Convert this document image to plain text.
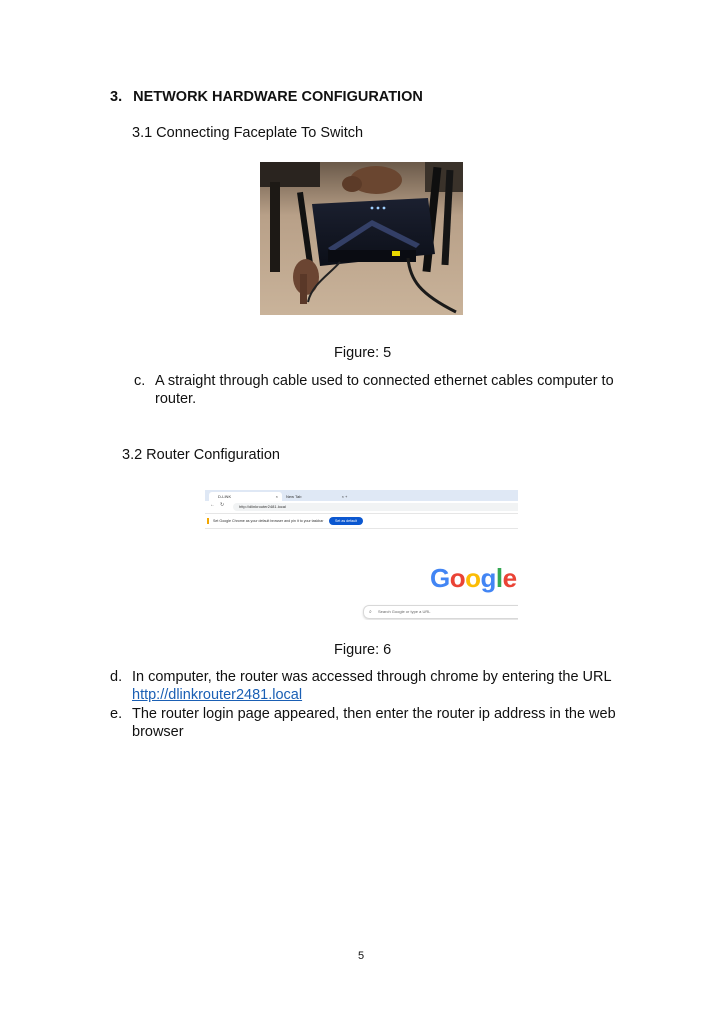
3. NETWORK HARDWARE CONFIGURATION
3.1 Connecting Faceplate To Switch
Figure: 5
c. A straight through cable used to connected ethernet cables computer to
router.
3.2 Router Configuration
D-LINK	×	New Tab	× +
← ↻	http://dlinkrouter2481.local
Set Google Chrome as your default browser and pin it to your taskbar	Set as default
Google
⌕ Search Google or type a URL
Figure: 6
d. In computer, the router was accessed through chrome by entering the URL
http://dlinkrouter2481.local
e. The router login page appeared, then enter the router ip address in the web
browser
5
